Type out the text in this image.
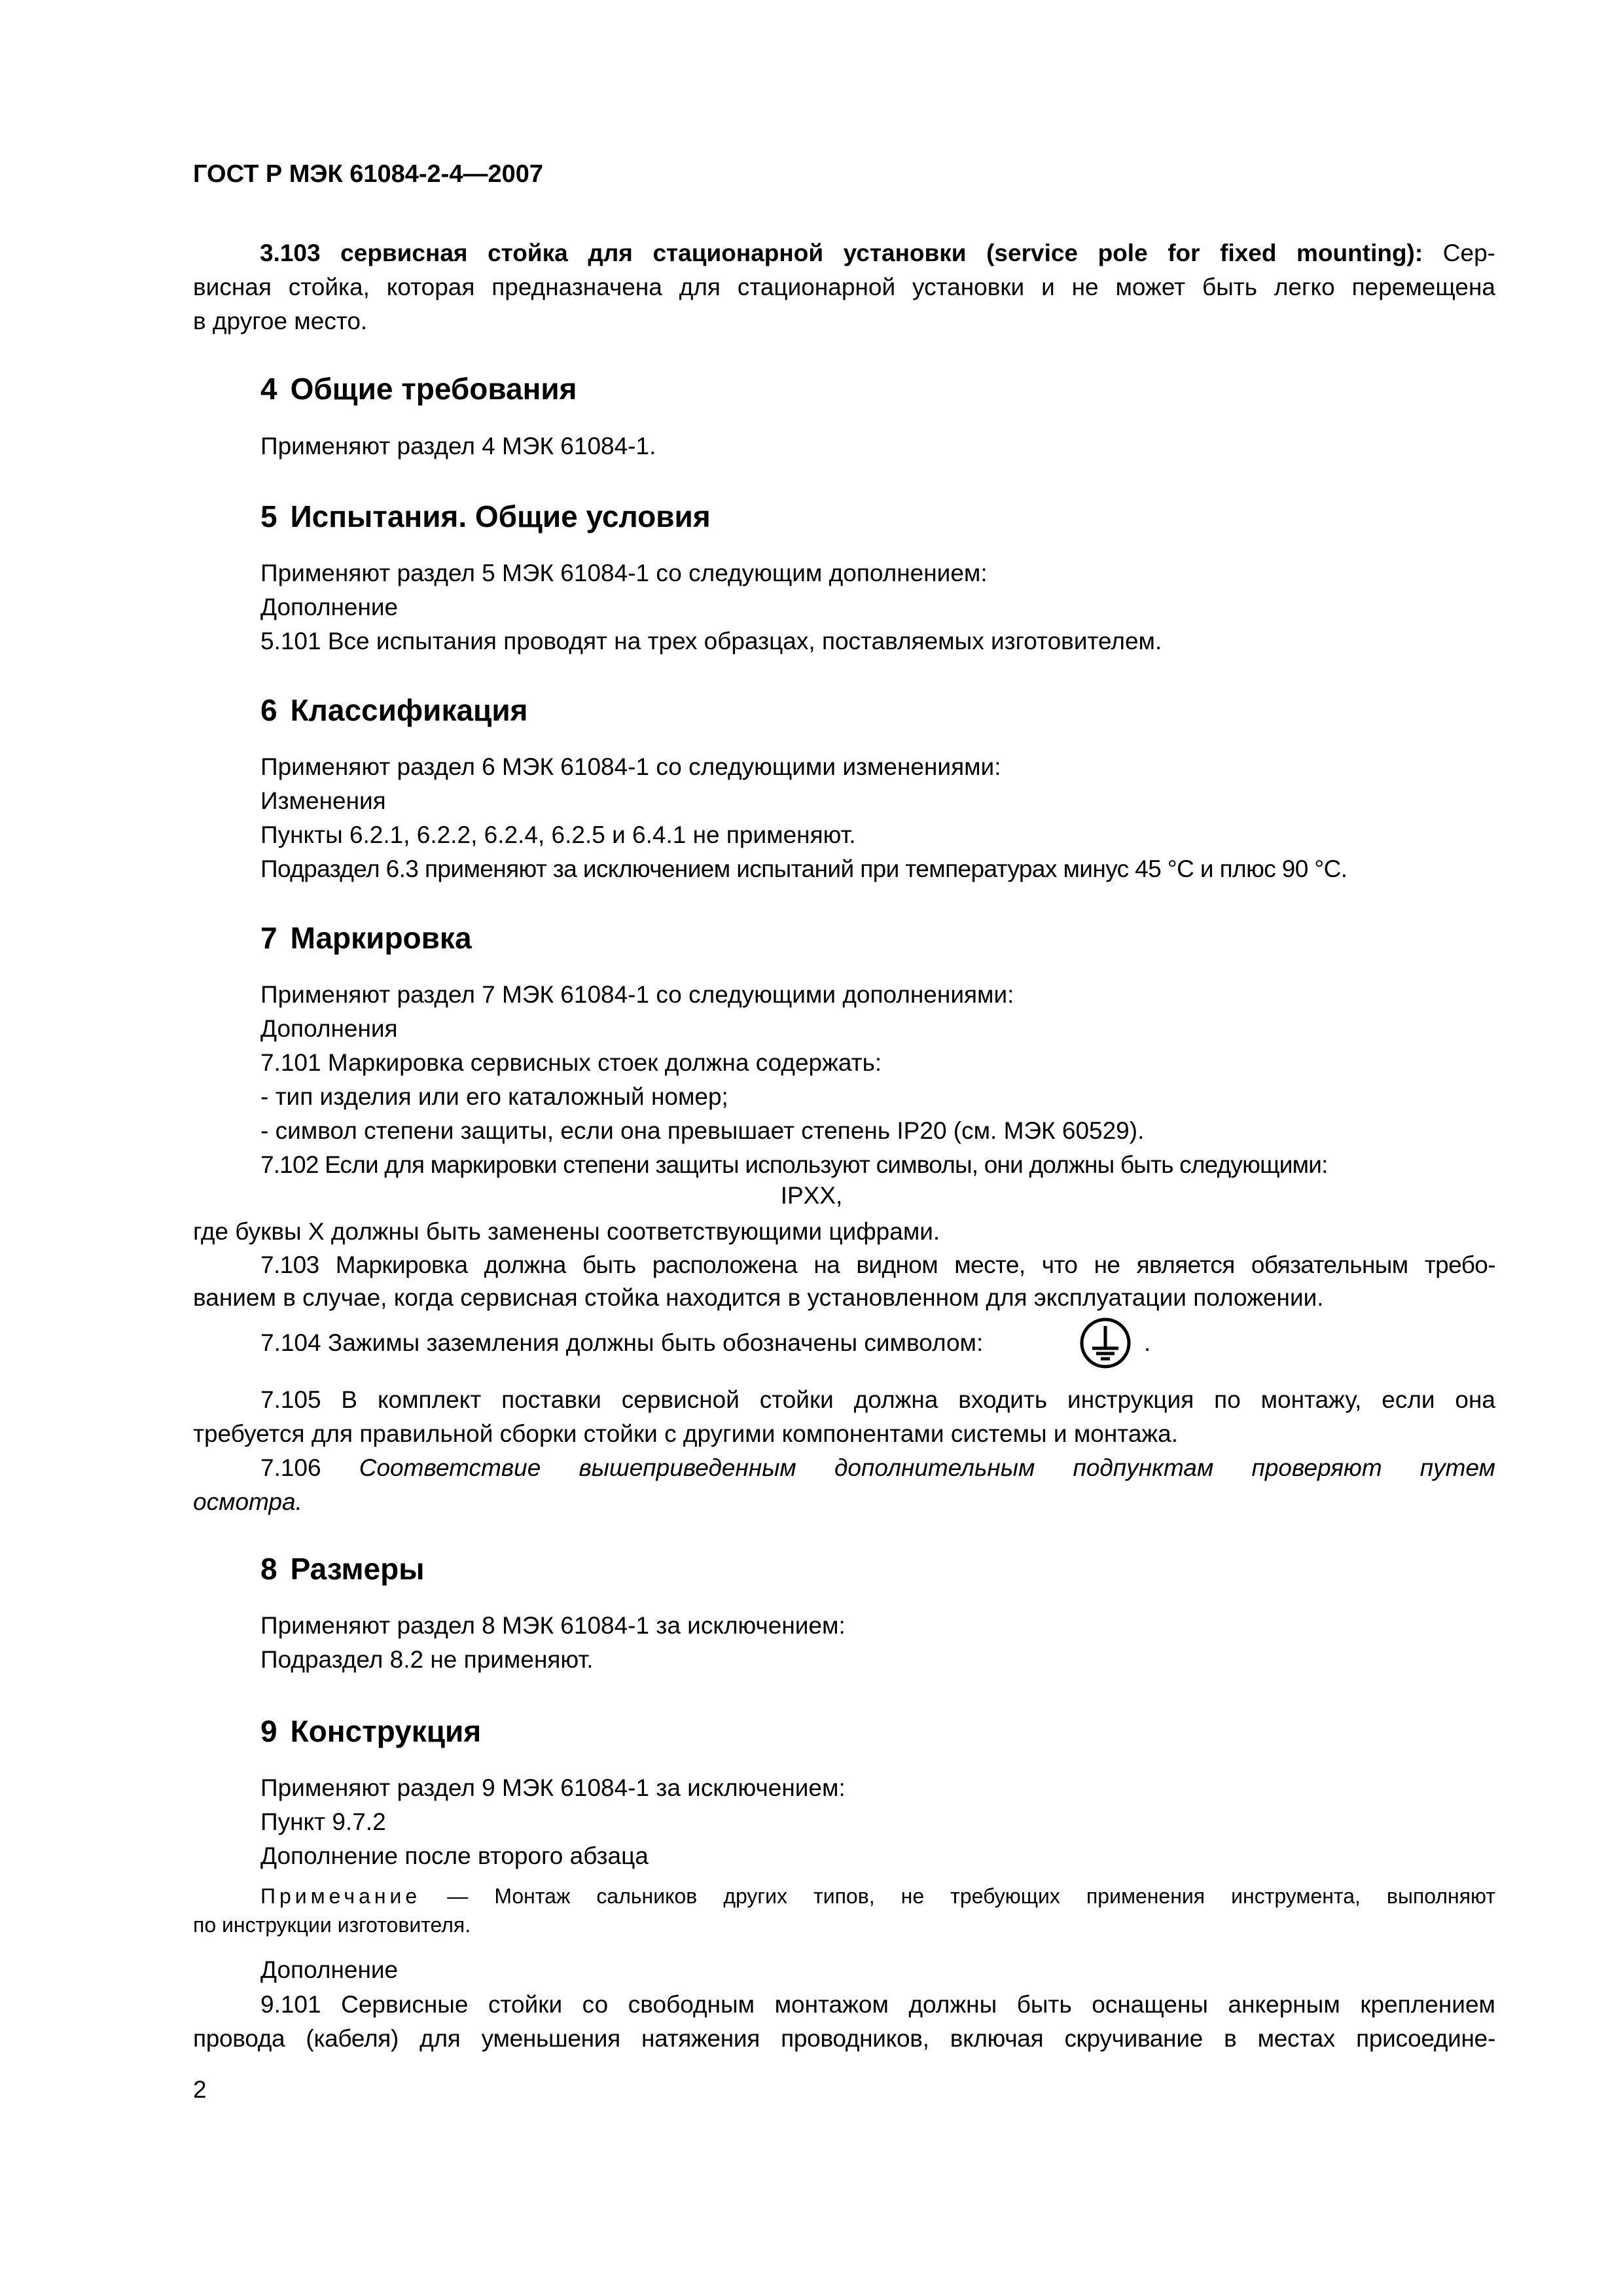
ГОСТ Р МЭК 61084-2-4—2007
3.103 сервисная стойка для стационарной установки (service pole for fixed mounting): Сер-
висная стойка, которая предназначена для стационарной установки и не может быть легко перемещена
в другое место.
4 Общие требования
Применяют раздел 4 МЭК 61084-1.
5 Испытания. Общие условия
Применяют раздел 5 МЭК 61084-1 со следующим дополнением:
Дополнение
5.101 Все испытания проводят на трех образцах, поставляемых изготовителем.
6 Классификация
Применяют раздел 6 МЭК 61084-1 со следующими изменениями:
Изменения
Пункты 6.2.1, 6.2.2, 6.2.4, 6.2.5 и 6.4.1 не применяют.
Подраздел 6.3 применяют за исключением испытаний при температурах минус 45 °С и плюс 90 °С.
7 Маркировка
Применяют раздел 7 МЭК 61084-1 со следующими дополнениями:
Дополнения
7.101 Маркировка сервисных стоек должна содержать:
- тип изделия или его каталожный номер;
- символ степени защиты, если она превышает степень IP20 (см. МЭК 60529).
7.102 Если для маркировки степени защиты используют символы, они должны быть следующими:
IPXX,
где буквы X должны быть заменены соответствующими цифрами.
7.103 Маркировка должна быть расположена на видном месте, что не является обязательным требо-
ванием в случае, когда сервисная стойка находится в установленном для эксплуатации положении.
7.104 Зажимы заземления должны быть обозначены символом:	.
7.105 В комплект поставки сервисной стойки должна входить инструкция по монтажу, если она
требуется для правильной сборки стойки с другими компонентами системы и монтажа.
7.106 Соответствие вышеприведенным дополнительным подпунктам проверяют путем
осмотра.
8 Размеры
Применяют раздел 8 МЭК 61084-1 за исключением:
Подраздел 8.2 не применяют.
9 Конструкция
Применяют раздел 9 МЭК 61084-1 за исключением:
Пункт 9.7.2
Дополнение после второго абзаца
Примечание — Монтаж сальников других типов, не требующих применения инструмента, выполняют
по инструкции изготовителя.
Дополнение
9.101 Сервисные стойки со свободным монтажом должны быть оснащены анкерным креплением
провода (кабеля) для уменьшения натяжения проводников, включая скручивание в местах присоедине-
2
